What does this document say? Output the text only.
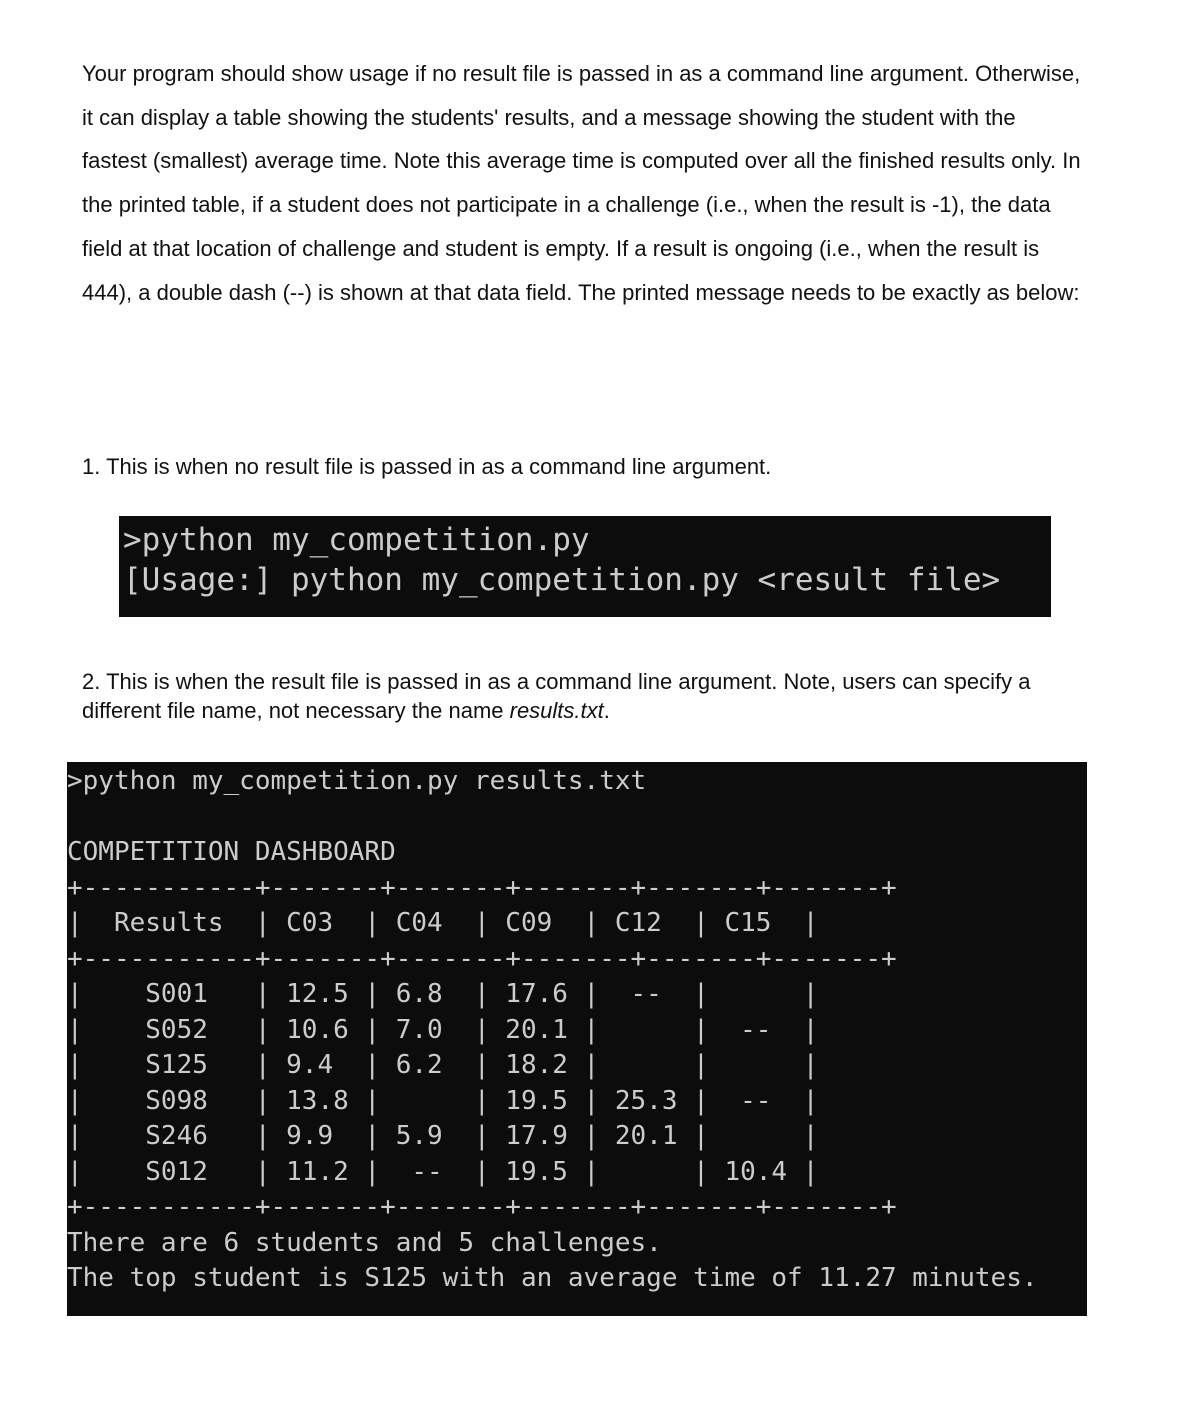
Your program should show usage if no result file is passed in as a command line argument. Otherwise, it can display a table showing the students' results, and a message showing the student with the fastest (smallest) average time. Note this average time is computed over all the finished results only. In the printed table, if a student does not participate in a challenge (i.e., when the result is -1), the data field at that location of challenge and student is empty. If a result is ongoing (i.e., when the result is 444), a double dash (--) is shown at that data field. The printed message needs to be exactly as below:

1. This is when no result file is passed in as a command line argument.

>python my_competition.py
[Usage:] python my_competition.py <result file>

2. This is when the result file is passed in as a command line argument. Note, users can specify a different file name, not necessary the name results.txt.

>python my_competition.py results.txt
COMPETITION DASHBOARD
+-----------+-------+-------+-------+-------+-------+
|  Results  | C03  | C04  | C09  | C12  | C15  |
+-----------+-------+-------+-------+-------+-------+
|    S001   | 12.5 | 6.8  | 17.6 |  --  |      |
|    S052   | 10.6 | 7.0  | 20.1 |      |  --  |
|    S125   | 9.4  | 6.2  | 18.2 |      |      |
|    S098   | 13.8 |      | 19.5 | 25.3 |  --  |
|    S246   | 9.9  | 5.9  | 17.9 | 20.1 |      |
|    S012   | 11.2 |  --  | 19.5 |      | 10.4 |
+-----------+-------+-------+-------+-------+-------+
There are 6 students and 5 challenges.
The top student is S125 with an average time of 11.27 minutes.
